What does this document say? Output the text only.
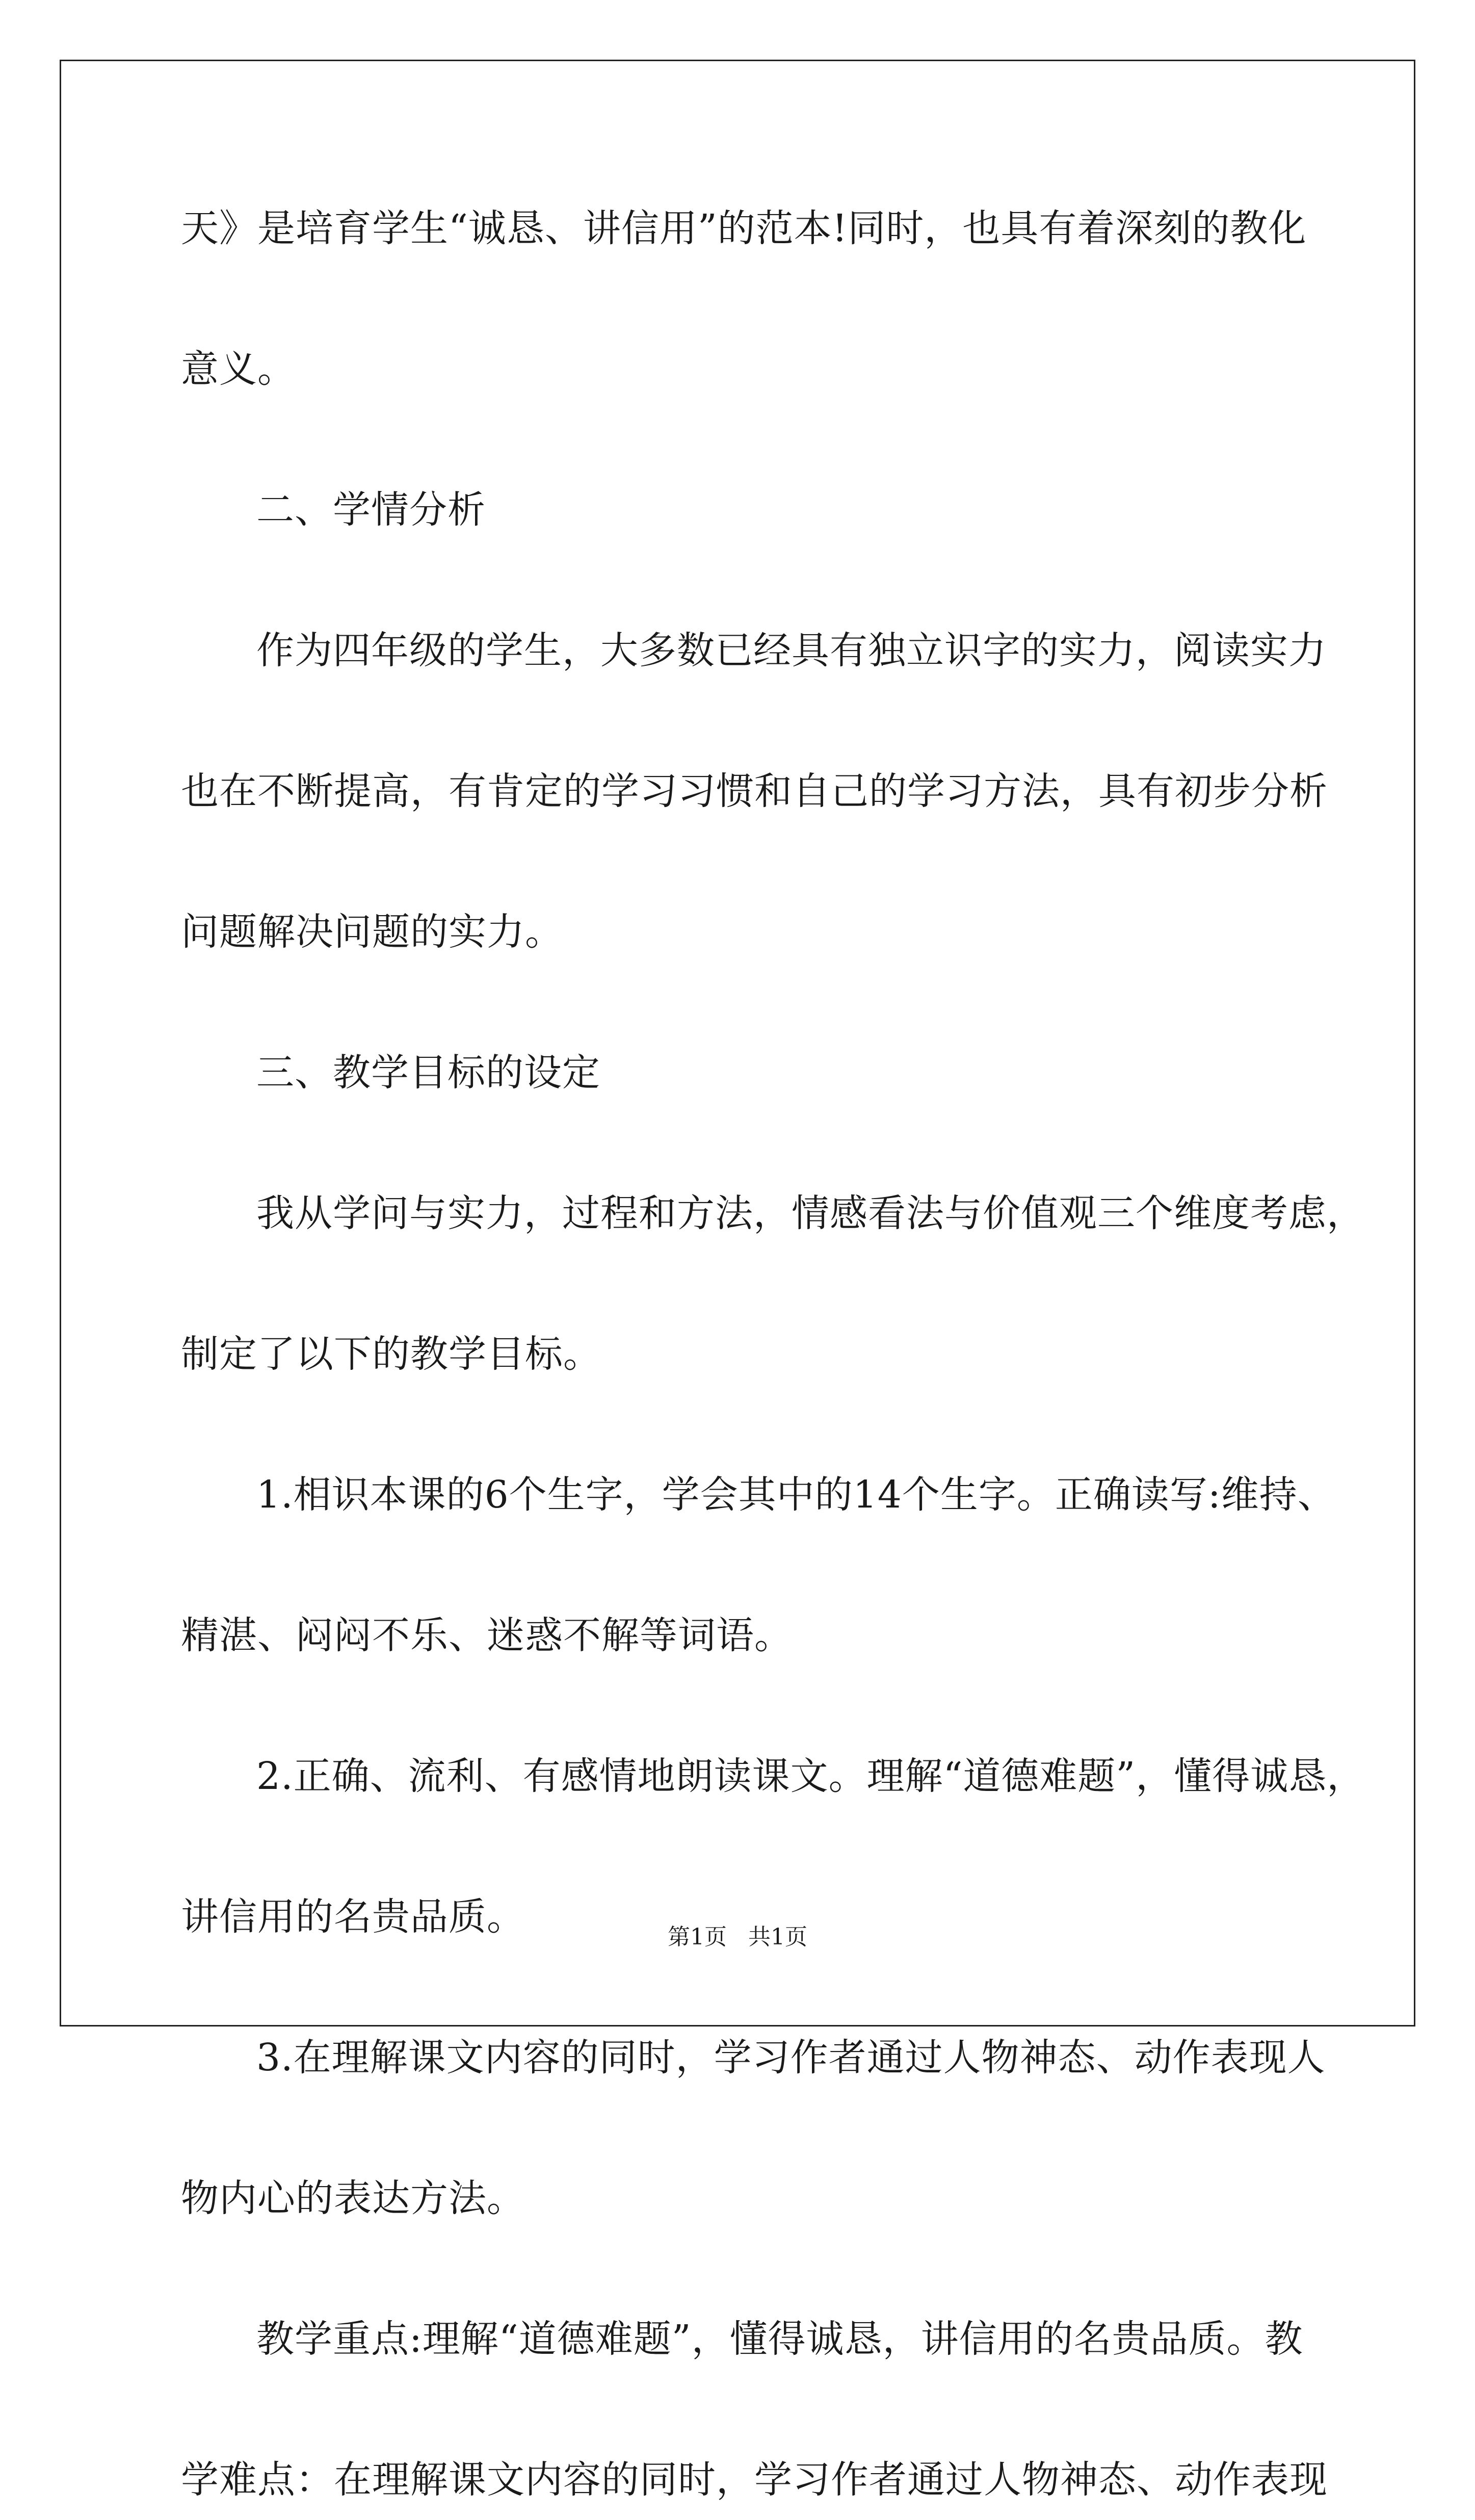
天》是培育学生“诚恳、讲信用”的范本!同时，也具有着深刻的教化
意义。
二、学情分析
作为四年级的学生，大多数已经具有独立识字的实力，阅读实力
也在不断提高，有肯定的学习习惯和自己的学习方法，具有初步分析
问题解决问题的实力。
三、教学目标的设定
我从学问与实力，过程和方法，情感看法与价值观三个维度考虑，
制定了以下的教学目标。
1.相识本课的6个生字，学会其中的14个生字。正确读写:维持、
精湛、闷闷不乐、迷惑不解等词语。
2.正确、流利、有感情地朗读课文。理解“道德难题”，懂得诚恳，
讲信用的名贵品质。
3.在理解课文内容的同时，学习作者通过人物神态、动作表现人
物内心的表达方法。
教学重点:理解“道德难题”，懂得诚恳，讲信用的名贵品质。教
学难点：在理解课文内容的同时，学习作者通过人物神态、动作表现
第1页   共1页
